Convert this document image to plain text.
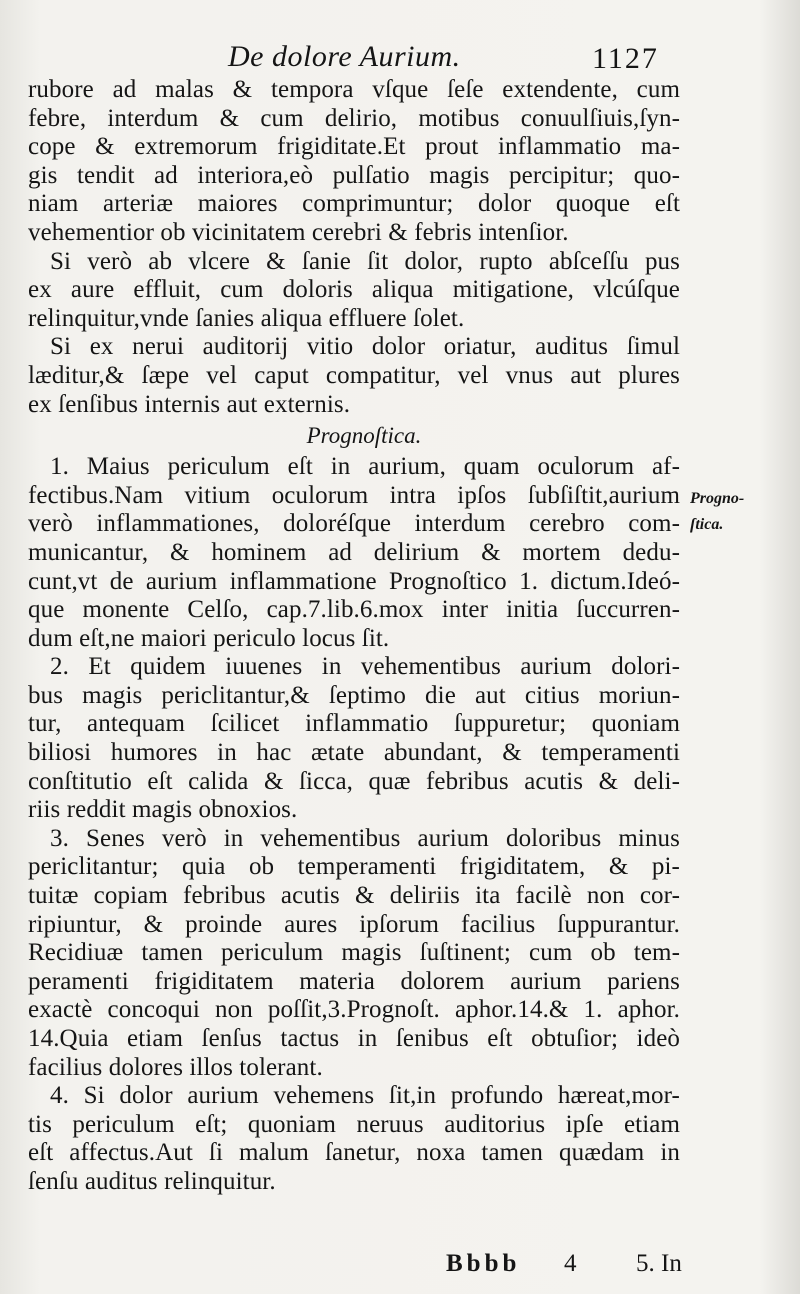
De dolore Aurium.	1127
rubore ad malas & tempora vſque ſeſe extendente, cum
febre, interdum & cum delirio, motibus conuulſiuis,ſyn-
cope & extremorum frigiditate.Et prout inflammatio ma-
gis tendit ad interiora,eò pulſatio magis percipitur; quo-
niam arteriæ maiores comprimuntur; dolor quoque eſt
vehementior ob vicinitatem cerebri & febris intenſior.
Si verò ab vlcere & ſanie ſit dolor, rupto abſceſſu pus
ex aure effluit, cum doloris aliqua mitigatione, vlcúſque
relinquitur,vnde ſanies aliqua effluere ſolet.
Si ex nerui auditorij vitio dolor oriatur, auditus ſimul
læditur,& ſæpe vel caput compatitur, vel vnus aut plures
ex ſenſibus internis aut externis.
Prognoſtica.
1. Maius periculum eſt in aurium, quam oculorum af-
fectibus.Nam vitium oculorum intra ipſos ſubſiſtit,aurium
verò inflammationes, doloréſque interdum cerebro com-
municantur, & hominem ad delirium & mortem dedu-
cunt,vt de aurium inflammatione Prognoſtico 1. dictum.Ideó-
que monente Celſo, cap.7.lib.6.mox inter initia ſuccurren-
dum eſt,ne maiori periculo locus ſit.
2. Et quidem iuuenes in vehementibus aurium dolori-
bus magis periclitantur,& ſeptimo die aut citius moriun-
tur, antequam ſcilicet inflammatio ſuppuretur; quoniam
biliosi humores in hac ætate abundant, & temperamenti
conſtitutio eſt calida & ſicca, quæ febribus acutis & deli-
riis reddit magis obnoxios.
3. Senes verò in vehementibus aurium doloribus minus
periclitantur; quia ob temperamenti frigiditatem, & pi-
tuitæ copiam febribus acutis & deliriis ita facilè non cor-
ripiuntur, & proinde aures ipſorum facilius ſuppurantur.
Recidiuæ tamen periculum magis ſuſtinent; cum ob tem-
peramenti frigiditatem materia dolorem aurium pariens
exactè concoqui non poſſit,3.Prognoſt. aphor.14.& 1. aphor.
14.Quia etiam ſenſus tactus in ſenibus eſt obtuſior; ideò
facilius dolores illos tolerant.
4. Si dolor aurium vehemens ſit,in profundo hæreat,mor-
tis periculum eſt; quoniam neruus auditorius ipſe etiam
eſt affectus.Aut ſi malum ſanetur, noxa tamen quædam in
ſenſu auditus relinquitur.
Progno-
ſtica.
Bbbb 4 5. In
